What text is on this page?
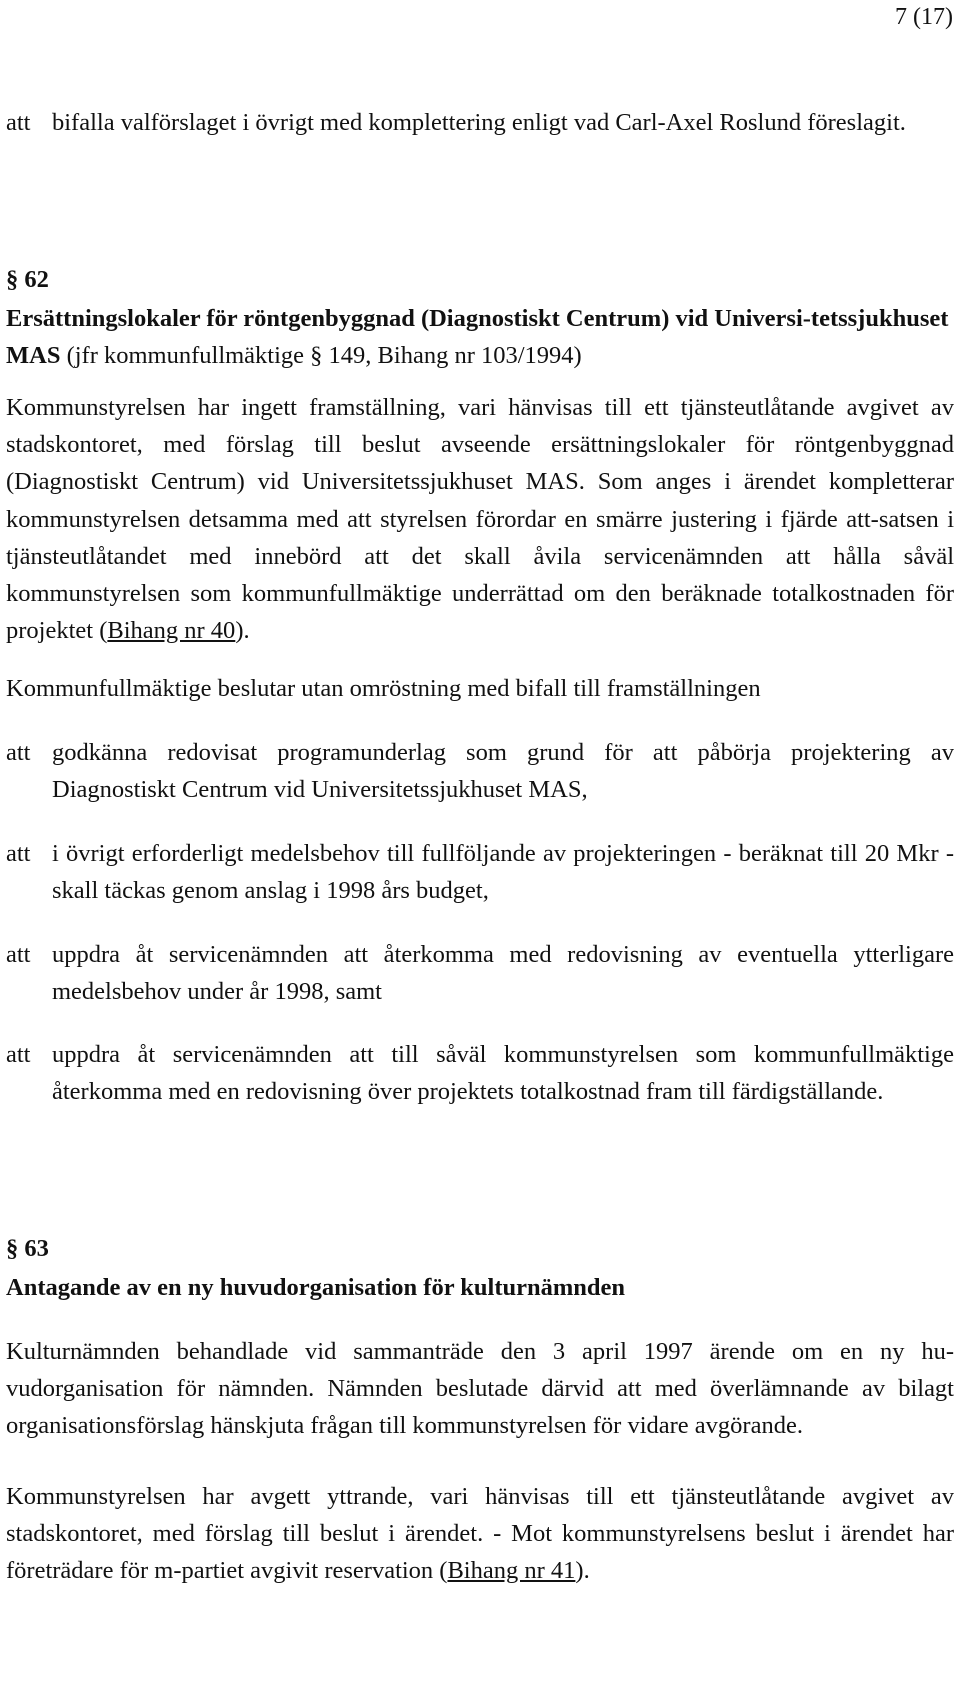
7 (17)
att bifalla valförslaget i övrigt med komplettering enligt vad Carl-Axel Roslund föreslagit.
§ 62
Ersättningslokaler för röntgenbyggnad (Diagnostiskt Centrum) vid Universi-tetssjukhuset MAS (jfr kommunfullmäktige § 149, Bihang nr 103/1994)

Kommunstyrelsen har ingett framställning, vari hänvisas till ett tjänsteutlåtande avgivet av stadskontoret, med förslag till beslut avseende ersättningslokaler för röntgenbyggnad (Diagnostiskt Centrum) vid Universitetssjukhuset MAS. Som anges i ärendet kompletterar kommunstyrelsen detsamma med att styrelsen förordar en smärre justering i fjärde att-satsen i tjänsteutlåtandet med innebörd att det skall åvila servicenämnden att hålla såväl kommunstyrelsen som kommunfullmäktige underrättad om den beräknade totalkostnaden för projektet (Bihang nr 40).

Kommunfullmäktige beslutar utan omröstning med bifall till framställningen

att godkänna redovisat programunderlag som grund för att påbörja projektering av Diagnostiskt Centrum vid Universitetssjukhuset MAS,
att i övrigt erforderligt medelsbehov till fullföljande av projekteringen - beräknat till 20 Mkr - skall täckas genom anslag i 1998 års budget,
att uppdra åt servicenämnden att återkomma med redovisning av eventuella ytterligare medelsbehov under år 1998, samt
att uppdra åt servicenämnden att till såväl kommunstyrelsen som kommunfullmäktige återkomma med en redovisning över projektets totalkostnad fram till färdigställande.
§ 63
Antagande av en ny huvudorganisation för kulturnämnden

Kulturnämnden behandlade vid sammanträde den 3 april 1997 ärende om en ny hu-vudorganisation för nämnden. Nämnden beslutade därvid att med överlämnande av bilagt organisationsförslag hänskjuta frågan till kommunstyrelsen för vidare avgörande.

Kommunstyrelsen har avgett yttrande, vari hänvisas till ett tjänsteutlåtande avgivet av stadskontoret, med förslag till beslut i ärendet. - Mot kommunstyrelsens beslut i ärendet har företrädare för m-partiet avgivit reservation (Bihang nr 41).
